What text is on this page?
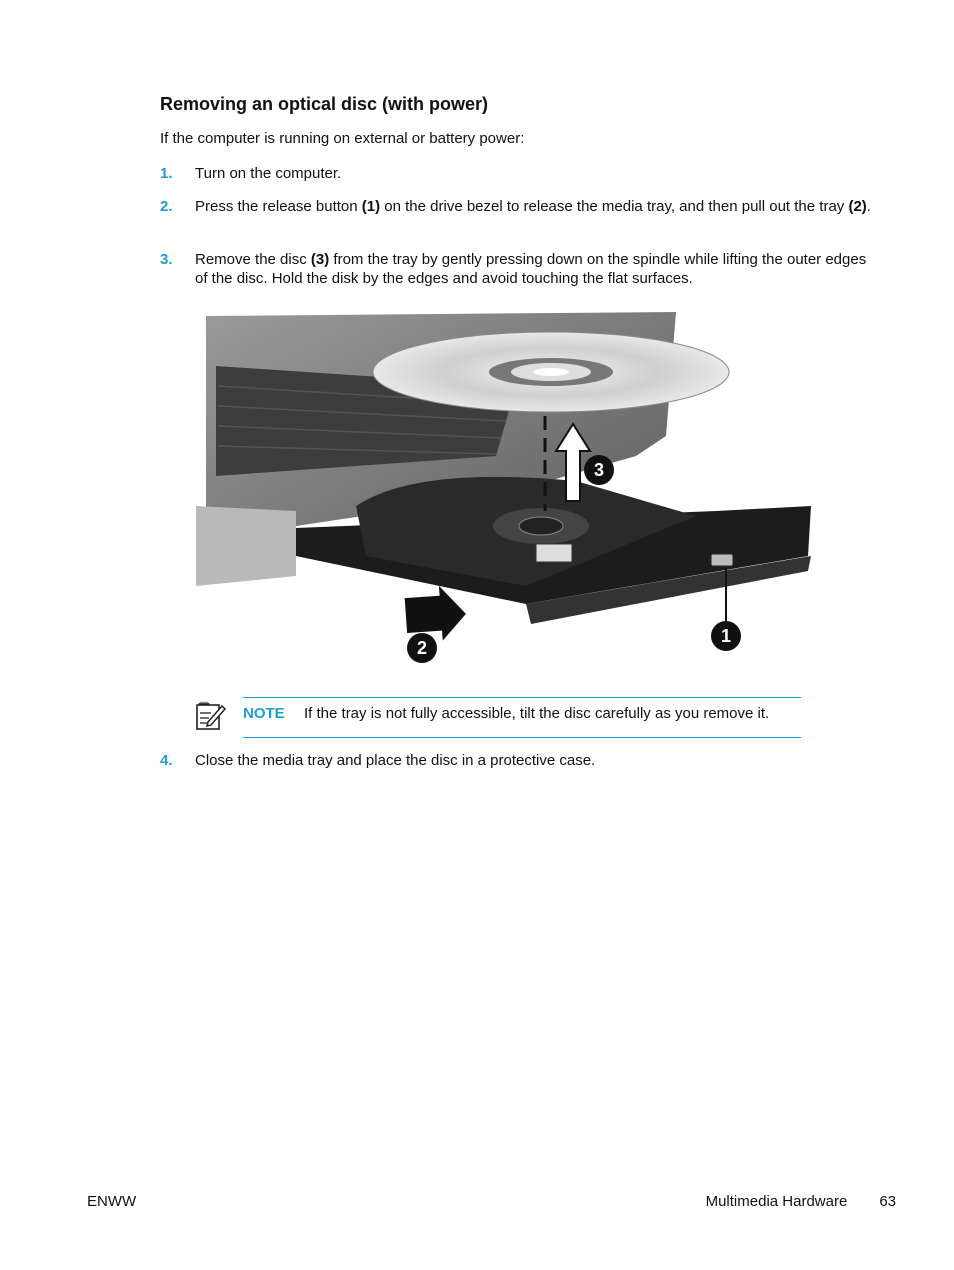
Removing an optical disc (with power)

If the computer is running on external or battery power:

1. Turn on the computer.
2. Press the release button (1) on the drive bezel to release the media tray, and then pull out the tray (2).
3. Remove the disc (3) from the tray by gently pressing down on the spindle while lifting the outer edges of the disc. Hold the disk by the edges and avoid touching the flat surfaces.
1
2
3
NOTE If the tray is not fully accessible, tilt the disc carefully as you remove it.
4. Close the media tray and place the disc in a protective case.
ENWW	Multimedia Hardware 63
